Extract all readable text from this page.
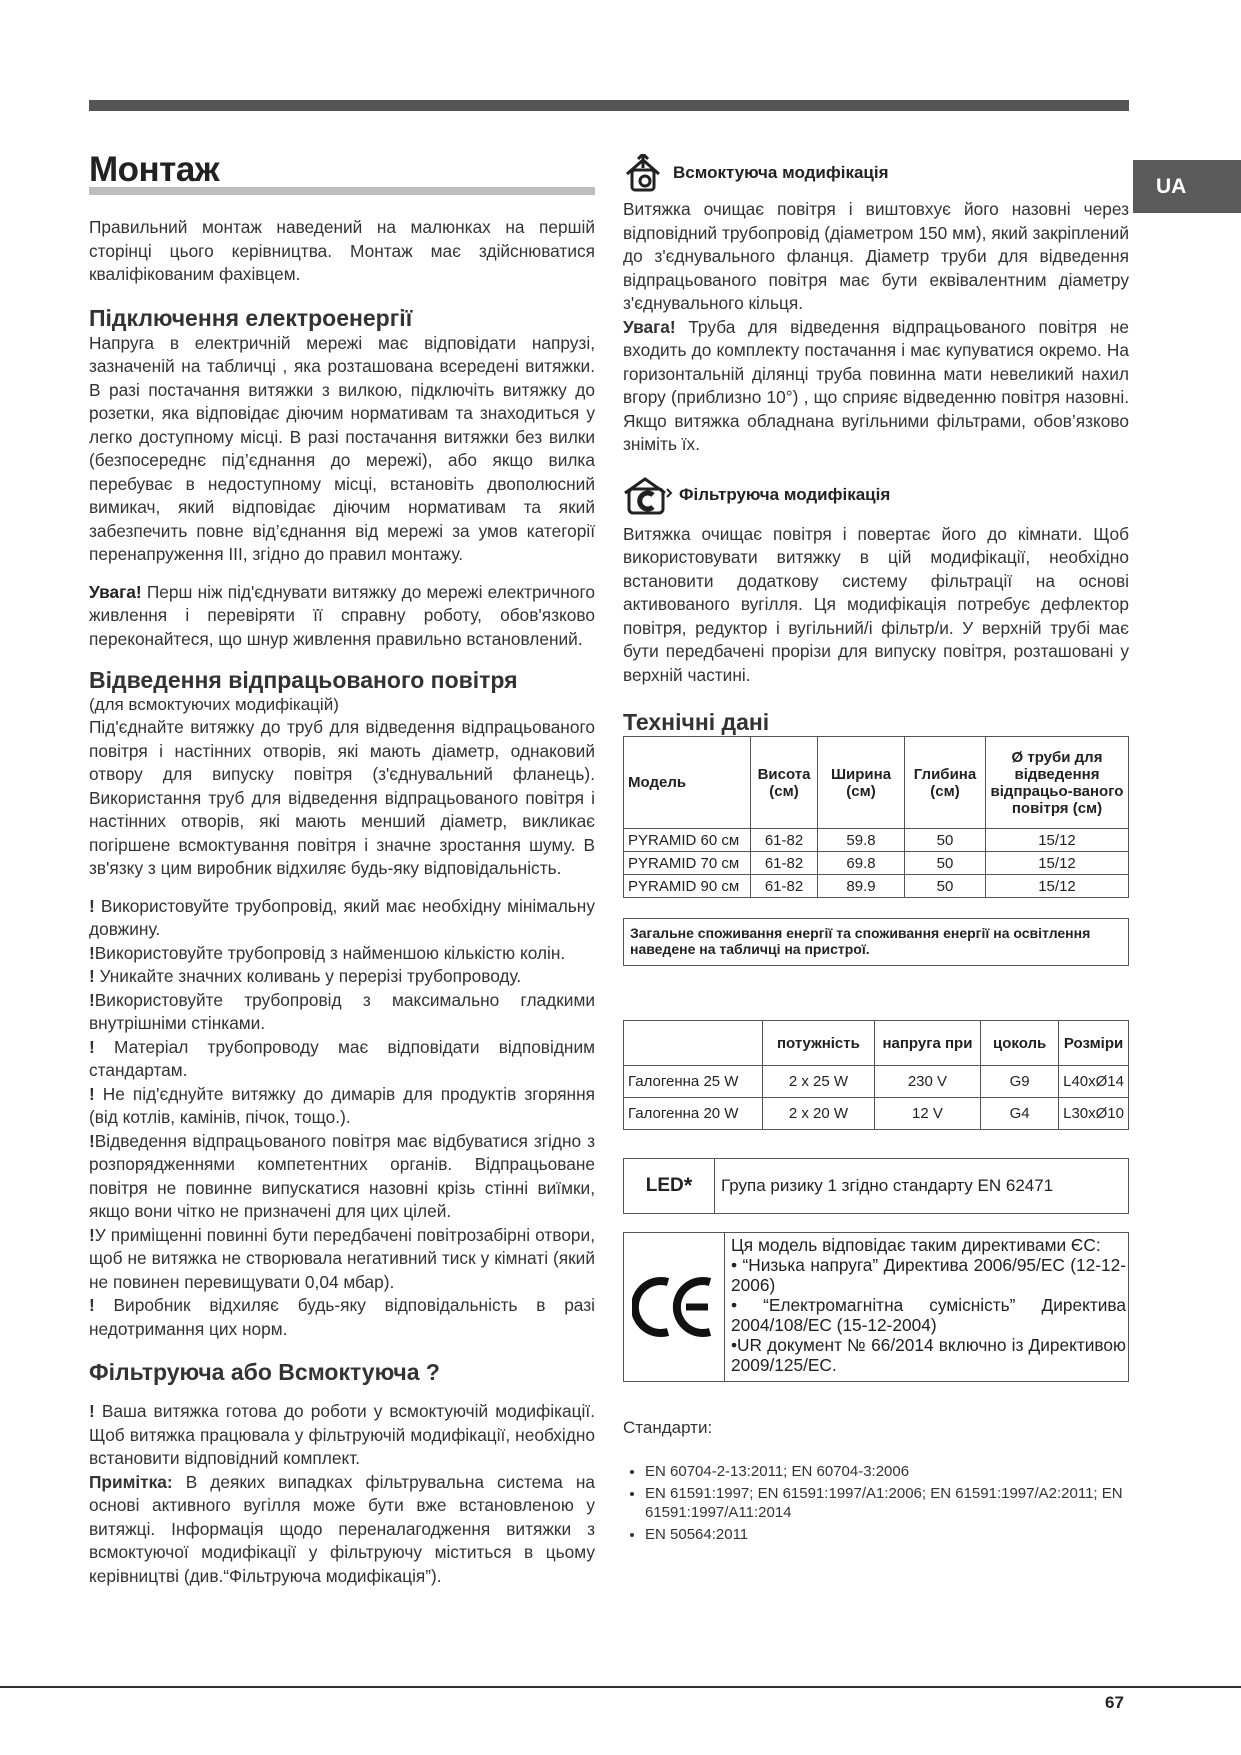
UA
Монтаж

Правильний монтаж наведений на малюнках на першій сторінці цього керівництва. Монтаж має здійснюватися кваліфікованим фахівцем.

Підключення електроенергії

Напруга в електричній мережі має відповідати напрузі, зазначеній на табличці , яка розташована всередені витяжки. В разі постачання витяжки з вилкою, підключіть витяжку до розетки, яка відповідає діючим нормативам та знаходиться у легко доступному місці. В разі постачання витяжки без вилки (безпосереднє під’єднання до мережі), або якщо вилка перебуває в недоступному місці, встановіть двополюсний вимикач, який відповідає діючим нормативам та який забезпечить повне від’єднання від мережі за умов категорії перенапруження III, згідно до правил монтажу.

Увага! Перш ніж під'єднувати витяжку до мережі електричного живлення і перевіряти її справну роботу, обов'язково переконайтеся, що шнур живлення правильно встановлений.

Відведення відпрацьованого повітря
(для всмоктуючих модифікацій)

Під'єднайте витяжку до труб для відведення відпрацьованого повітря і настінних отворів, які мають діаметр, однаковий отвору для випуску повітря (з'єднувальний фланець). Використання труб для відведення відпрацьованого повітря і настінних отворів, які мають менший діаметр, викликає погіршене всмоктування повітря і значне зростання шуму. В зв'язку з цим виробник відхиляє будь-яку відповідальність.

! Використовуйте трубопровід, який має необхідну мінімальну довжину.

!Використовуйте трубопровід з найменшою кількістю колін.

! Уникайте значних коливань у перерізі трубопроводу.

!Використовуйте трубопровід з максимально гладкими внутрішніми стінками.

! Матеріал трубопроводу має відповідати відповідним стандартам.

! Не під'єднуйте витяжку до димарів для продуктів згоряння (від котлів, камінів, пічок, тощо.).

!Відведення відпрацьованого повітря має відбуватися згідно з розпорядженнями компетентних органів. Відпрацьоване повітря не повинне випускатися назовні крізь стінні виїмки, якщо вони чітко не призначені для цих цілей.

!У приміщенні повинні бути передбачені повітрозабірні отвори, щоб не витяжка не створювала негативний тиск у кімнаті (який не повинен перевищувати 0,04 мбар).

! Виробник відхиляє будь-яку відповідальність в разі недотримання цих норм.

Фільтруюча або Всмоктуюча ?

! Ваша витяжка готова до роботи у всмоктуючій модифікації. Щоб витяжка працювала у фільтруючій модифікації, необхідно встановити відповідний комплект.
Примітка: В деяких випадках фільтрувальна система на основі активного вугілля може бути вже встановленою у витяжці. Інформація щодо переналагодження витяжки з всмоктуючої модифікації у фільтруючу міститься в цьому керівництві (див.“Фільтруюча модифікація”).

Всмоктуюча модифікація

Витяжка очищає повітря і виштовхує його назовні через відповідний трубопровід (діаметром 150 мм), який закріплений до з'єднувального фланця. Діаметр труби для відведення відпрацьованого повітря має бути еквівалентним діаметру з'єднувального кільця.

Увага! Труба для відведення відпрацьованого повітря не входить до комплекту постачання і має купуватися окремо. На горизонтальній ділянці труба повинна мати невеликий нахил вгору (приблизно 10°) , що сприяє відведенню повітря назовні. Якщо витяжка обладнана вугільними фільтрами, обов’язково зніміть їх.

Фільтруюча модифікація

Витяжка очищає повітря і повертає його до кімнати. Щоб використовувати витяжку в цій модифікації, необхідно встановити додаткову систему фільтрації на основі активованого вугілля. Ця модифікація потребує дефлектор повітря, редуктор і вугільний/і фільтр/и. У верхній трубі має бути передбачені прорізи для випуску повітря, розташовані у верхній частині.

Технічні дані
Модель	Висота (см)	Ширина (см)	Глибина (см)	Ø труби для відведення відпрацьо-ваного повітря (см)
PYRAMID 60 см	61-82	59.8	50	15/12
PYRAMID 70 см	61-82	69.8	50	15/12
PYRAMID 90 см	61-82	89.9	50	15/12
Загальне споживання енергії та споживання енергії на освітлення наведене на табличці на пристрої.
	потужність	напруга при	цоколь	Розміри
Галогенна 25 W	2 x 25 W	230 V	G9	L40xØ14
Галогенна 20 W	2 x 20 W	12 V	G4	L30xØ10
LED *	Група ризику 1 згідно стандарту EN 62471
Ця модель відповідає таким директивами ЄС:
• “Низька напруга” Директива 2006/95/EC (12-12-2006)
• “Електромагнітна сумісність” Директива 2004/108/EC (15-12-2004)
•UR документ № 66/2014 включно із Директивою 2009/125/EC.
Стандарти:
• EN 60704-2-13:2011; EN 60704-3:2006
• EN 61591:1997; EN 61591:1997/A1:2006; EN 61591:1997/A2:2011; EN 61591:1997/A11:2014
• EN 50564:2011
67
